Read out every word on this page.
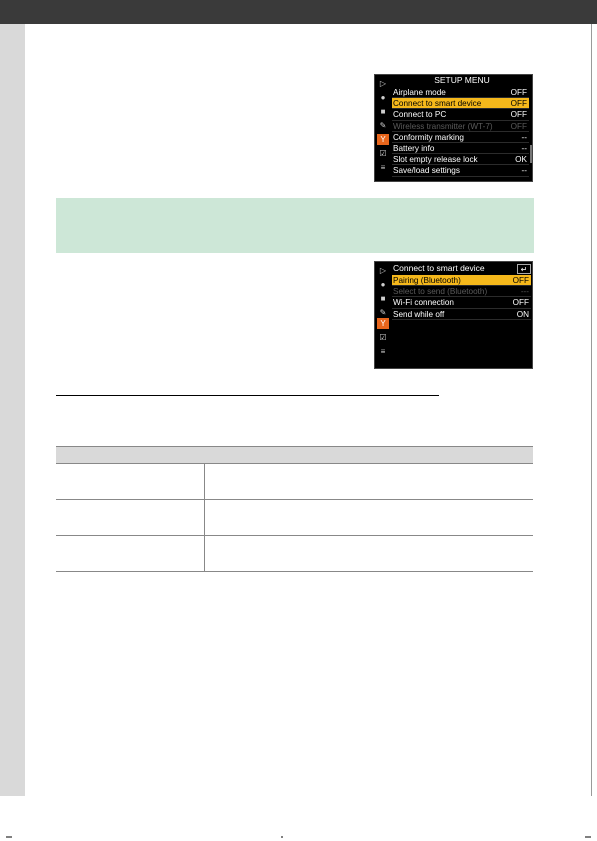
▷
●
■
✎
Y
☑
≡
SETUP MENU
Airplane mode	OFF
Connect to smart device	OFF
Connect to PC	OFF
Wireless transmitter (WT-7) OFF
Conformity marking	--
Battery info	--
Slot empty release lock	OK
Save/load settings	--
▷
●
■
✎
Y
☑
≡
Connect to smart device	↵
Pairing (Bluetooth)	OFF
Select to send (Bluetooth)	---
Wi-Fi connection	OFF
Send while off	ON
